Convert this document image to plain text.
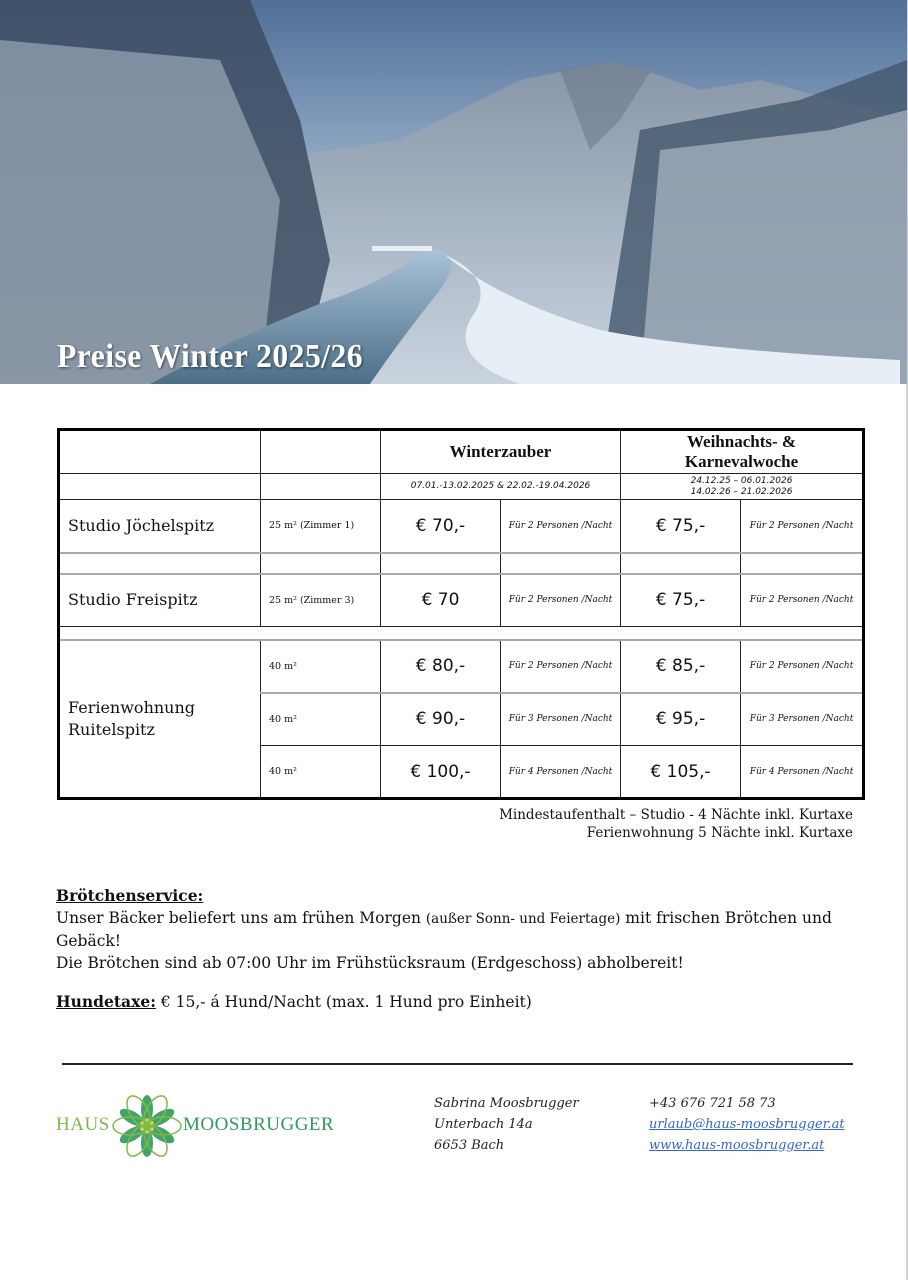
Preise Winter 2025/26
		Winterzauber		Weihnachts- &
Karnevalwoche	

		07.01.-13.02.2025 & 22.02.-19.04.2026		24.12.25 – 06.01.2026
14.02.26 – 21.02.2026	

Studio Jöchelspitz	25 m² (Zimmer 1)	€ 70,-	Für 2 Personen /Nacht	€ 75,-	Für 2 Personen /Nacht

Studio Freispitz	25 m² (Zimmer 3)	€ 70	Für 2 Personen /Nacht	€ 75,-	Für 2 Personen /Nacht

Ferienwohnung
Ruitelspitz	40 m²	€ 80,-	Für 2 Personen /Nacht	€ 85,-	Für 2 Personen /Nacht
	40 m²	€ 90,-	Für 3 Personen /Nacht	€ 95,-	Für 3 Personen /Nacht
	40 m²	€ 100,-	Für 4 Personen /Nacht	€ 105,-	Für 4 Personen /Nacht
Mindestaufenthalt – Studio - 4 Nächte inkl. Kurtaxe
Ferienwohnung 5 Nächte inkl. Kurtaxe
Brötchenservice:
Unser Bäcker beliefert uns am frühen Morgen (außer Sonn- und Feiertage) mit frischen Brötchen und
Gebäck!
Die Brötchen sind ab 07:00 Uhr im Frühstücksraum (Erdgeschoss) abholbereit!
Hundetaxe: € 15,- á Hund/Nacht (max. 1 Hund pro Einheit)
HAUS	MOOSBRUGGER
Sabrina Moosbrugger
Unterbach 14a
6653 Bach
+43 676 721 58 73
urlaub@haus-moosbrugger.at
www.haus-moosbrugger.at
